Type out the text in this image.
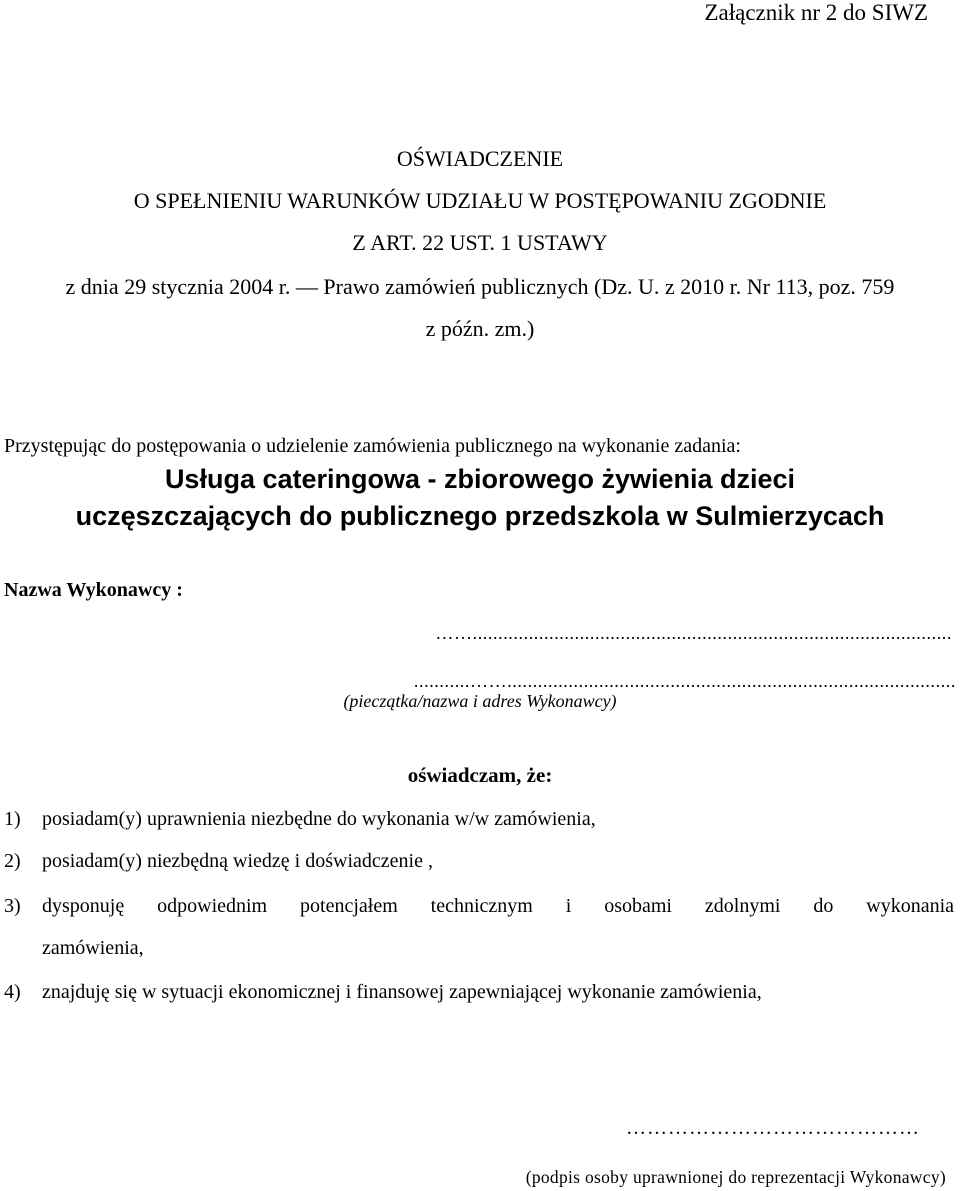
Załącznik nr 2 do SIWZ
OŚWIADCZENIE
O SPEŁNIENIU WARUNKÓW UDZIAŁU W POSTĘPOWANIU ZGODNIE
Z ART. 22 UST. 1 USTAWY
z dnia 29 stycznia 2004 r. — Prawo zamówień publicznych (Dz. U. z 2010 r. Nr 113, poz. 759
z późn. zm.)
Przystępując do postępowania o udzielenie zamówienia publicznego na wykonanie zadania:
Usługa cateringowa - zbiorowego żywienia dzieci
uczęszczających do publicznego przedszkola w Sulmierzycach
Nazwa Wykonawcy :
……..............................................................................................
...........……........................................................................................
(pieczątka/nazwa i adres Wykonawcy)
oświadczam, że:
1) posiadam(y) uprawnienia niezbędne do wykonania w/w zamówienia,
2) posiadam(y) niezbędną wiedzę i doświadczenie ,
3) dysponuję odpowiednim potencjałem technicznym i osobami zdolnymi do wykonania
zamówienia,
4) znajduję się w sytuacji ekonomicznej i finansowej zapewniającej wykonanie zamówienia,
……………………………………
(podpis osoby uprawnionej do reprezentacji Wykonawcy)
